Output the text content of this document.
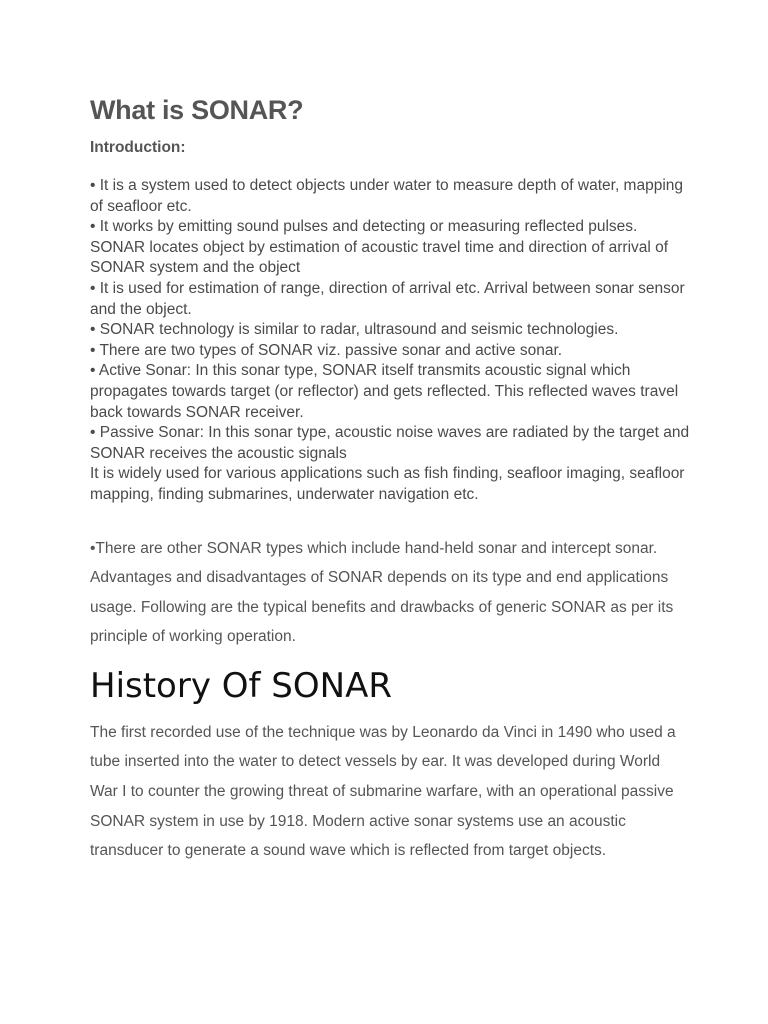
What is SONAR?
Introduction:
• It is a system used to detect objects under water to measure depth of water, mapping of seafloor etc.
• It works by emitting sound pulses and detecting or measuring reflected pulses. SONAR locates object by estimation of acoustic travel time and direction of arrival of SONAR system and the object
• It is used for estimation of range, direction of arrival etc. Arrival between sonar sensor and the object.
• SONAR technology is similar to radar, ultrasound and seismic technologies.
• There are two types of SONAR viz. passive sonar and active sonar.
• Active Sonar: In this sonar type, SONAR itself transmits acoustic signal which propagates towards target (or reflector) and gets reflected. This reflected waves travel back towards SONAR receiver.
• Passive Sonar: In this sonar type, acoustic noise waves are radiated by the target and SONAR receives the acoustic signals
It is widely used for various applications such as fish finding, seafloor imaging, seafloor mapping, finding submarines, underwater navigation etc.

•There are other SONAR types which include hand-held sonar and intercept sonar. Advantages and disadvantages of SONAR depends on its type and end applications usage. Following are the typical benefits and drawbacks of generic SONAR as per its principle of working operation.

History Of SONAR

The first recorded use of the technique was by Leonardo da Vinci in 1490 who used a tube inserted into the water to detect vessels by ear. It was developed during World War I to counter the growing threat of submarine warfare, with an operational passive SONAR system in use by 1918. Modern active sonar systems use an acoustic transducer to generate a sound wave which is reflected from target objects.
